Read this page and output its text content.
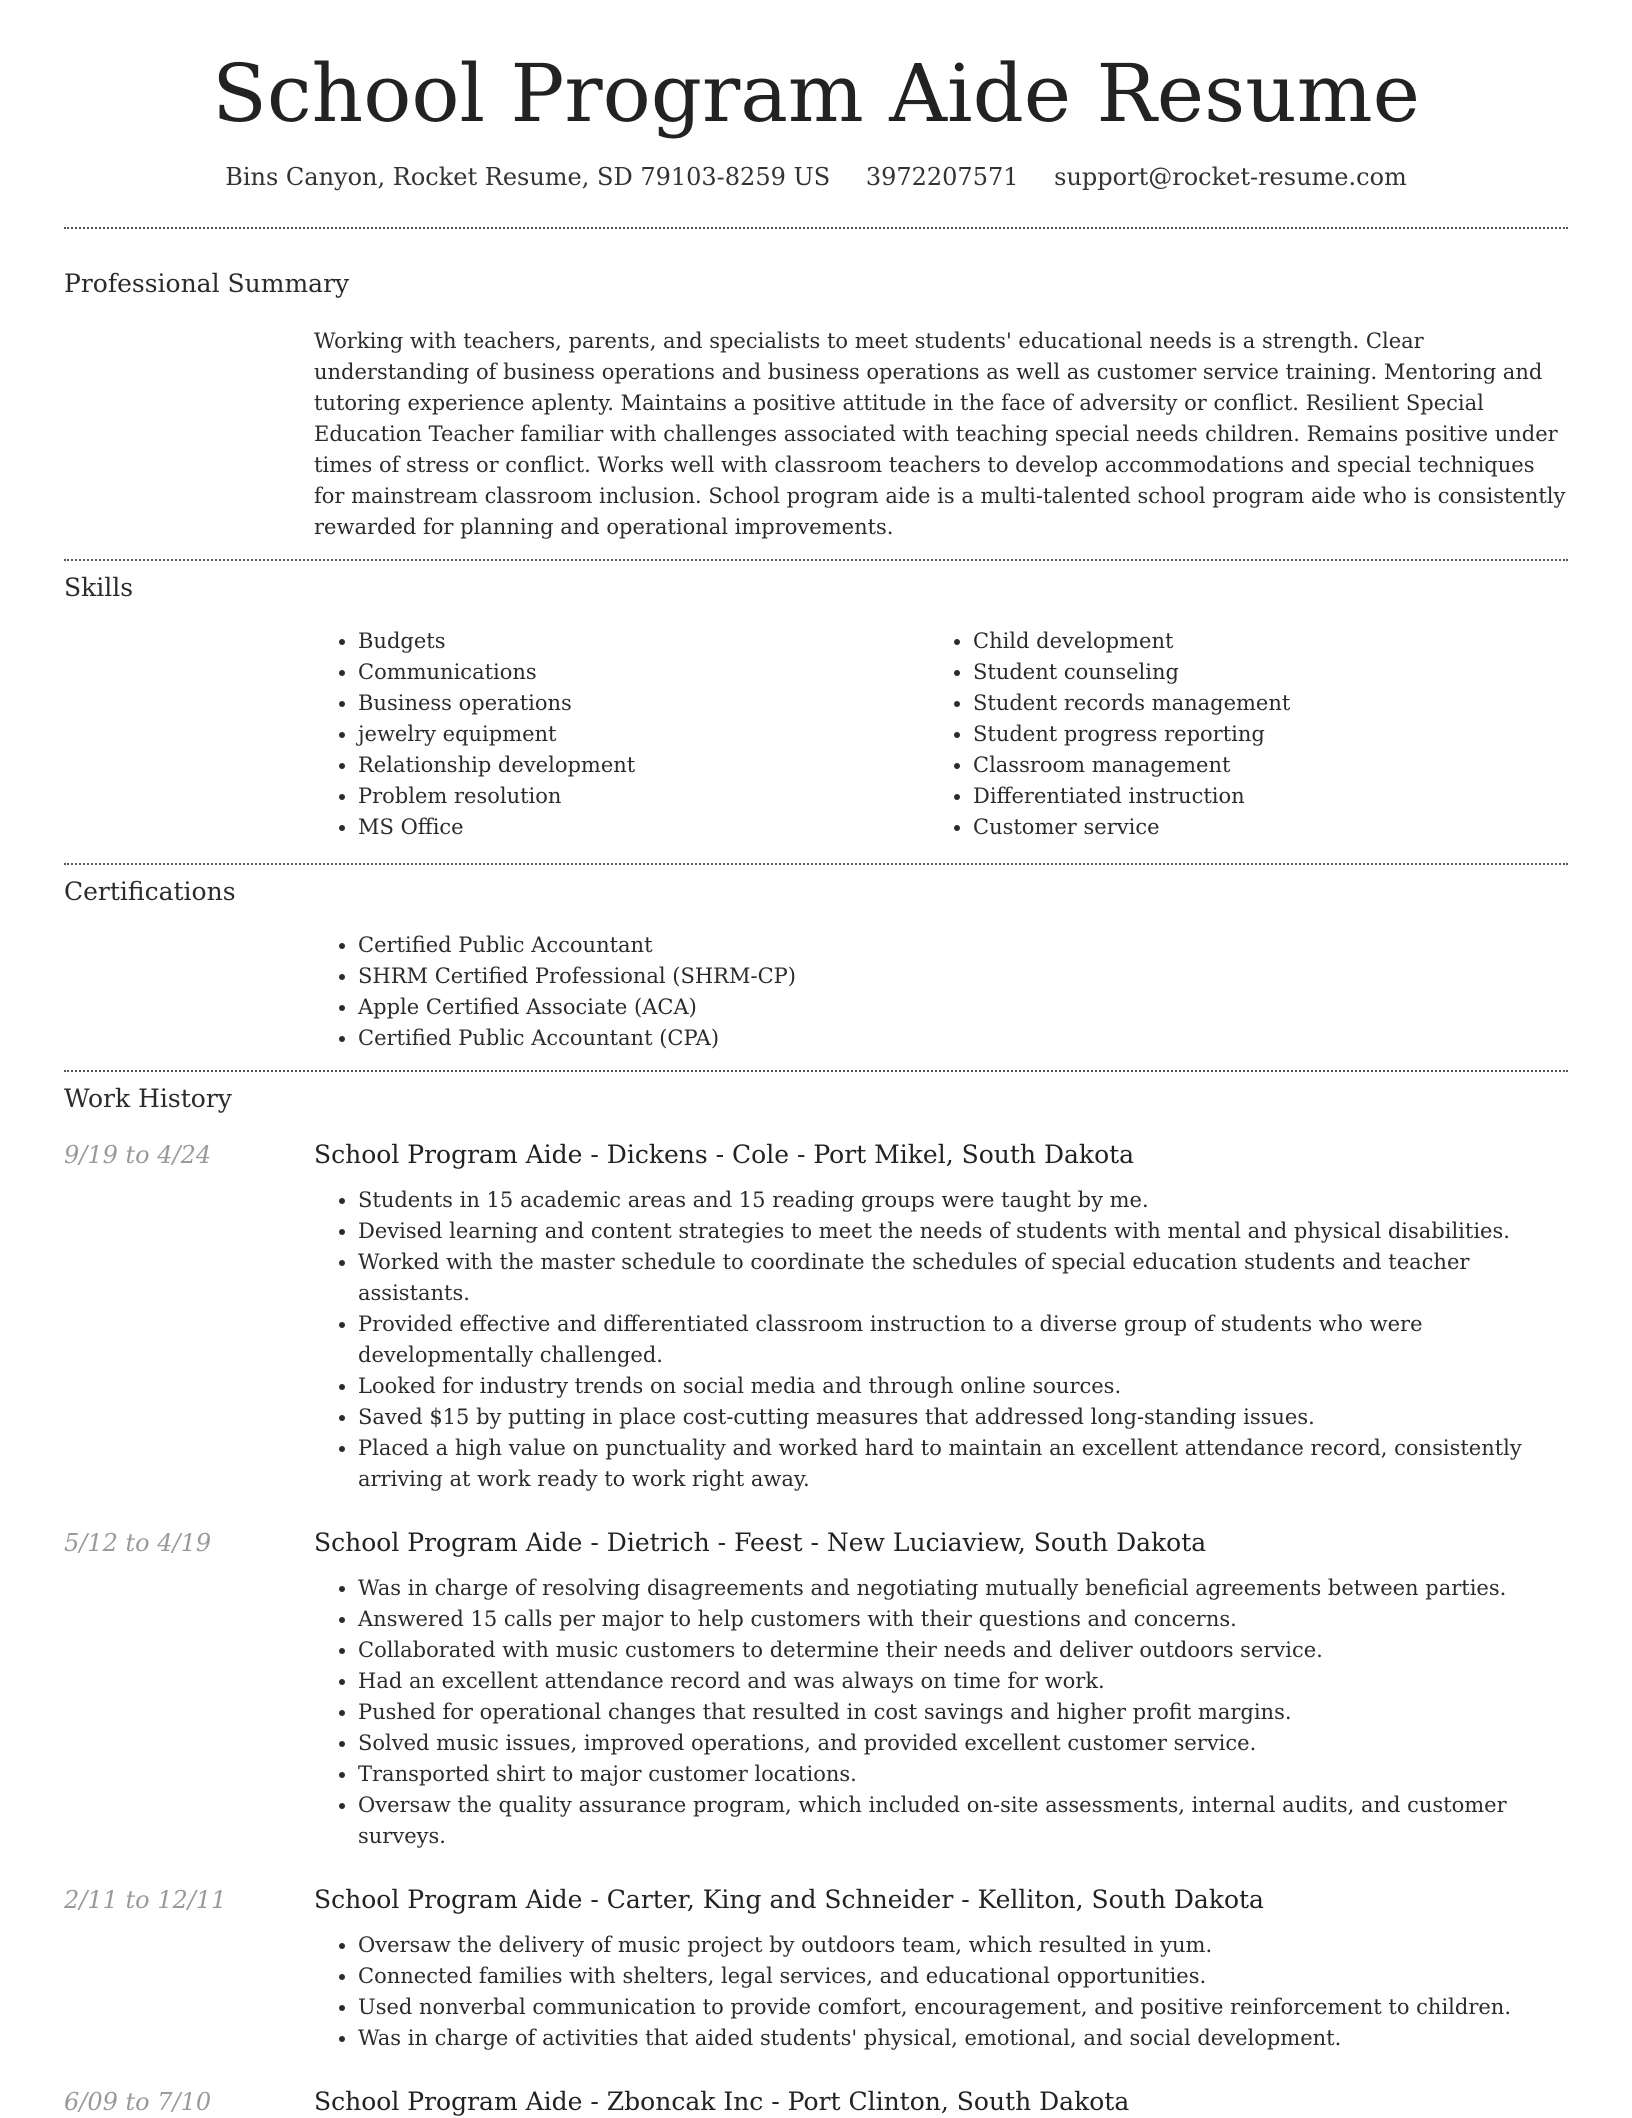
School Program Aide Resume
Bins Canyon, Rocket Resume, SD 79103-8259 US 3972207571 support@rocket-resume.com
Professional Summary
Working with teachers, parents, and specialists to meet students' educational needs is a strength. Clear understanding of business operations and business operations as well as customer service training. Mentoring and tutoring experience aplenty. Maintains a positive attitude in the face of adversity or conflict. Resilient Special Education Teacher familiar with challenges associated with teaching special needs children. Remains positive under times of stress or conflict. Works well with classroom teachers to develop accommodations and special techniques for mainstream classroom inclusion. School program aide is a multi-talented school program aide who is consistently rewarded for planning and operational improvements.
Skills
• Budgets
• Communications
• Business operations
• jewelry equipment
• Relationship development
• Problem resolution
• MS Office
• Child development
• Student counseling
• Student records management
• Student progress reporting
• Classroom management
• Differentiated instruction
• Customer service
Certifications
• Certified Public Accountant
• SHRM Certified Professional (SHRM-CP)
• Apple Certified Associate (ACA)
• Certified Public Accountant (CPA)
Work History
9/19 to 4/24	School Program Aide - Dickens - Cole - Port Mikel, South Dakota
• Students in 15 academic areas and 15 reading groups were taught by me.
• Devised learning and content strategies to meet the needs of students with mental and physical disabilities.
• Worked with the master schedule to coordinate the schedules of special education students and teacher assistants.
• Provided effective and differentiated classroom instruction to a diverse group of students who were developmentally challenged.
• Looked for industry trends on social media and through online sources.
• Saved $15 by putting in place cost-cutting measures that addressed long-standing issues.
• Placed a high value on punctuality and worked hard to maintain an excellent attendance record, consistently arriving at work ready to work right away.
5/12 to 4/19	School Program Aide - Dietrich - Feest - New Luciaview, South Dakota
• Was in charge of resolving disagreements and negotiating mutually beneficial agreements between parties.
• Answered 15 calls per major to help customers with their questions and concerns.
• Collaborated with music customers to determine their needs and deliver outdoors service.
• Had an excellent attendance record and was always on time for work.
• Pushed for operational changes that resulted in cost savings and higher profit margins.
• Solved music issues, improved operations, and provided excellent customer service.
• Transported shirt to major customer locations.
• Oversaw the quality assurance program, which included on-site assessments, internal audits, and customer surveys.
2/11 to 12/11	School Program Aide - Carter, King and Schneider - Kelliton, South Dakota
• Oversaw the delivery of music project by outdoors team, which resulted in yum.
• Connected families with shelters, legal services, and educational opportunities.
• Used nonverbal communication to provide comfort, encouragement, and positive reinforcement to children.
• Was in charge of activities that aided students' physical, emotional, and social development.
6/09 to 7/10	School Program Aide - Zboncak Inc - Port Clinton, South Dakota
